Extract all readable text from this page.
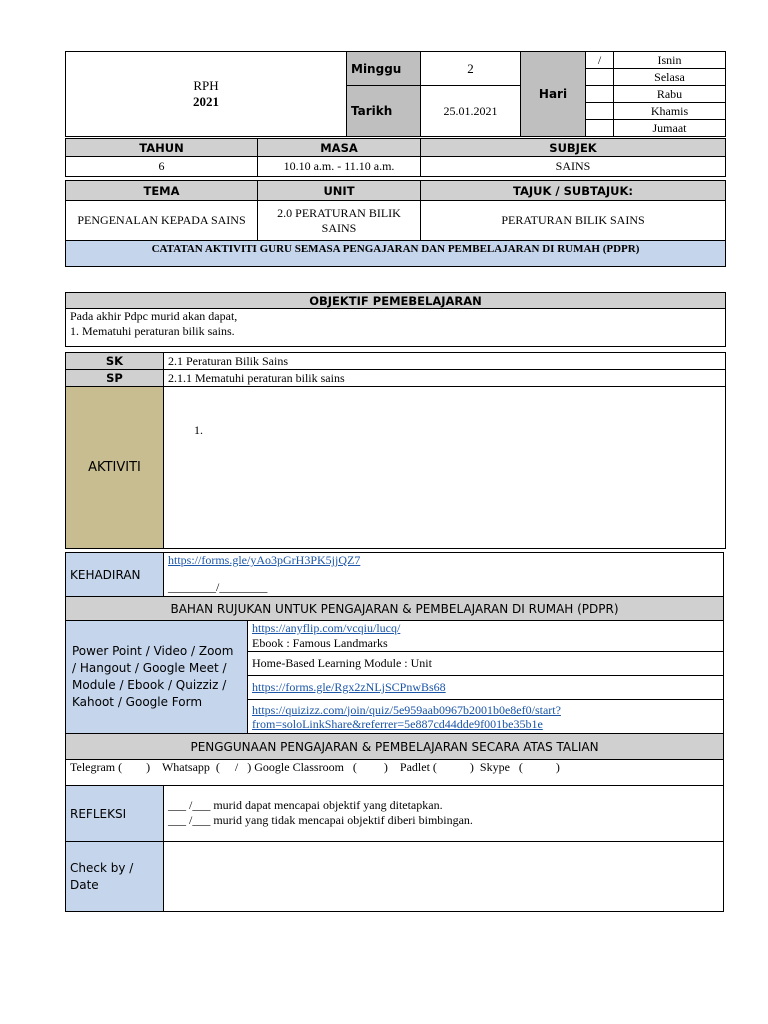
RPH
2021	Minggu	2	Hari	/	Isnin
					Selasa
	Tarikh	25.01.2021			Rabu
					Khamis
					Jumaat
TAHUN	MASA	SUBJEK
6	10.10 a.m. - 11.10 a.m.	SAINS

TEMA	UNIT	TAJUK / SUBTAJUK:
PENGENALAN KEPADA SAINS	2.0 PERATURAN BILIK SAINS	PERATURAN BILIK SAINS
CATATAN AKTIVITI GURU SEMASA PENGAJARAN DAN PEMBELAJARAN DI RUMAH (PDPR)		
OBJEKTIF PEMEBELAJARAN

Pada akhir Pdpc murid akan dapat,
1. Mematuhi peraturan bilik sains.
SK	2.1 Peraturan Bilik Sains
SP	2.1.1 Mematuhi peraturan bilik sains
AKTIVITI	1.
KEHADIRAN	https://forms.gle/yAo3pGrH3PK5jjQZ7
________/________	

BAHAN RUJUKAN UNTUK PENGAJARAN & PEMBELAJARAN DI RUMAH (PDPR)		
Power Point / Video / Zoom / Hangout / Google Meet / Module / Ebook / Quizziz / Kahoot / Google Form		https://anyflip.com/vcqiu/lucq/
Ebook : Famous Landmarks

		Home-Based Learning Module : Unit
		https://forms.gle/Rgx2zNLjSCPnwBs68
		https://quizizz.com/join/quiz/5e959aab0967b2001b0e8ef0/start?
from=soloLinkShare&referrer=5e887cd44dde9f001be35b1e
PENGGUNAAN PENGAJARAN & PEMBELAJARAN SECARA ATAS TALIAN		
Telegram (        ) Whatsapp  (     /   ) Google Classroom   (         ) Padlet (           ) Skype   (           )		
REFLEKSI	___ /___ murid dapat mencapai objektif yang ditetapkan.
___ /___ murid yang tidak mencapai objektif diberi bimbingan.	

Check by / Date		
